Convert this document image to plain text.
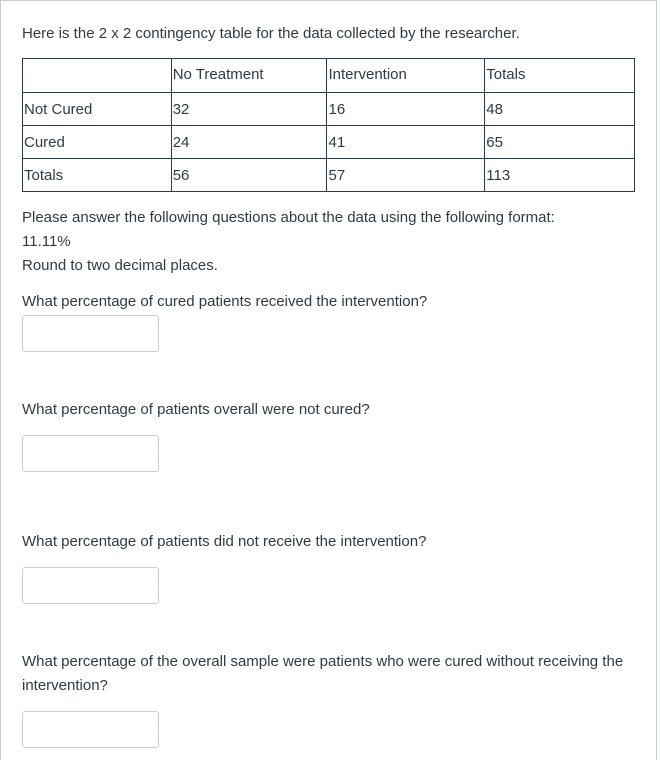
Here is the 2 x 2 contingency table for the data collected by the researcher.
	No Treatment	Intervention	Totals
Not Cured	32	16	48
Cured	24	41	65
Totals	56	57	113
Please answer the following questions about the data using the following format:
11.11%
Round to two decimal places.
What percentage of cured patients received the intervention?
What percentage of patients overall were not cured?
What percentage of patients did not receive the intervention?
What percentage of the overall sample were patients who were cured without receiving the intervention?
